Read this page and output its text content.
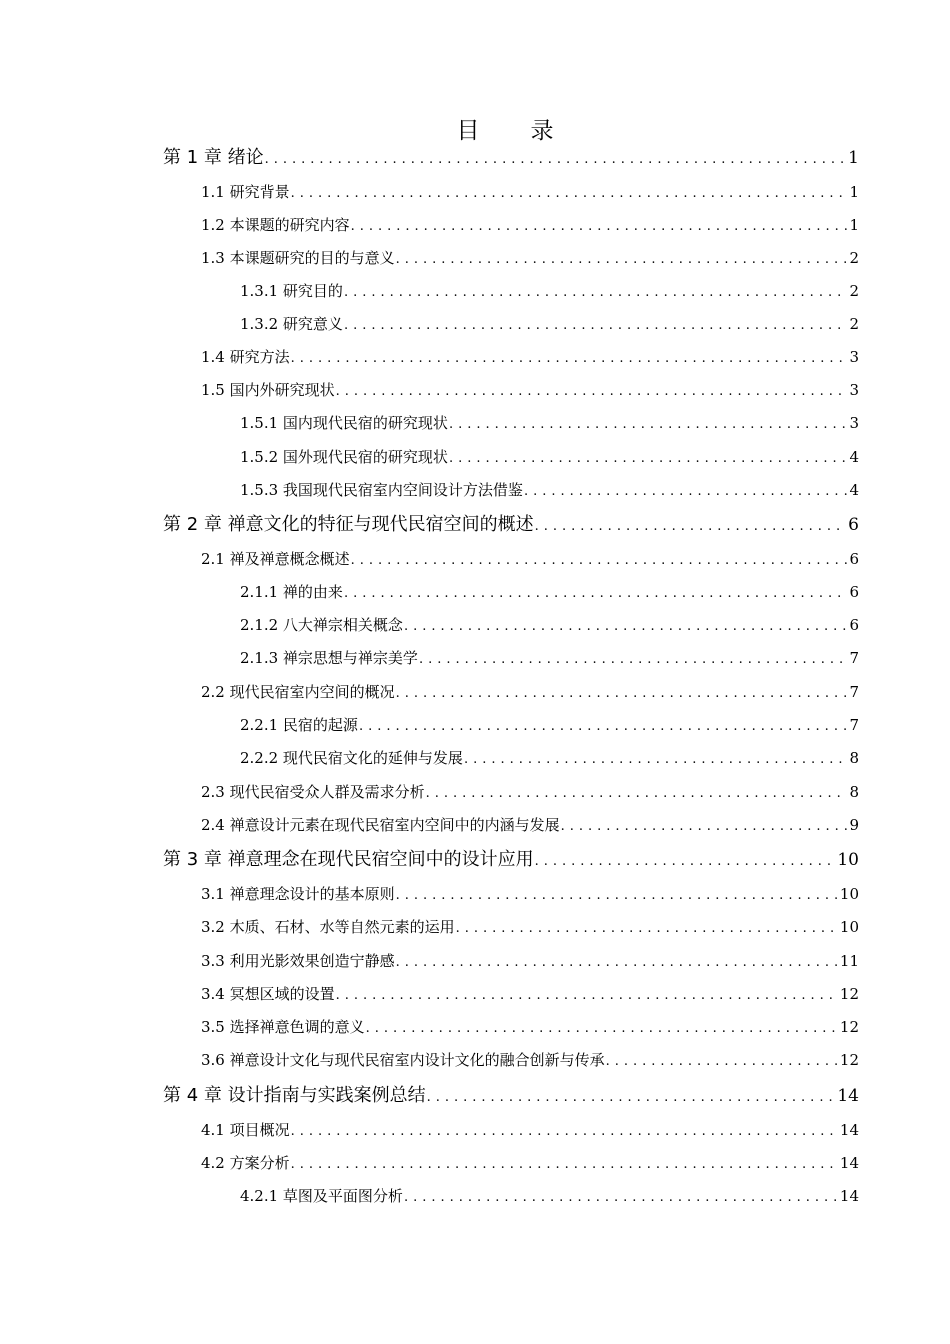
目　录
第 1 章 绪论 .....	1
1.1 研究背景 .....	1
1.2 本课题的研究内容 .....	1
1.3 本课题研究的目的与意义 .....	2
1.3.1 研究目的 .....	2
1.3.2 研究意义 .....	2
1.4 研究方法 .....	3
1.5 国内外研究现状 .....	3
1.5.1 国内现代民宿的研究现状 .....	3
1.5.2 国外现代民宿的研究现状 .....	4
1.5.3 我国现代民宿室内空间设计方法借鉴 .....	4
第 2 章 禅意文化的特征与现代民宿空间的概述 .....	6
2.1 禅及禅意概念概述 .....	6
2.1.1 禅的由来 .....	6
2.1.2 八大禅宗相关概念 .....	6
2.1.3 禅宗思想与禅宗美学 .....	7
2.2 现代民宿室内空间的概况 .....	7
2.2.1 民宿的起源 .....	7
2.2.2 现代民宿文化的延伸与发展 .....	8
2.3 现代民宿受众人群及需求分析 .....	8
2.4 禅意设计元素在现代民宿室内空间中的内涵与发展 .....	9
第 3 章 禅意理念在现代民宿空间中的设计应用 .....	10
3.1 禅意理念设计的基本原则 .....	10
3.2 木质、石材、水等自然元素的运用 .....	10
3.3 利用光影效果创造宁静感 .....	11
3.4 冥想区域的设置 .....	12
3.5 选择禅意色调的意义 .....	12
3.6 禅意设计文化与现代民宿室内设计文化的融合创新与传承 .....	12
第 4 章 设计指南与实践案例总结 .....	14
4.1 项目概况 .....	14
4.2 方案分析 .....	14
4.2.1 草图及平面图分析 .....	14
